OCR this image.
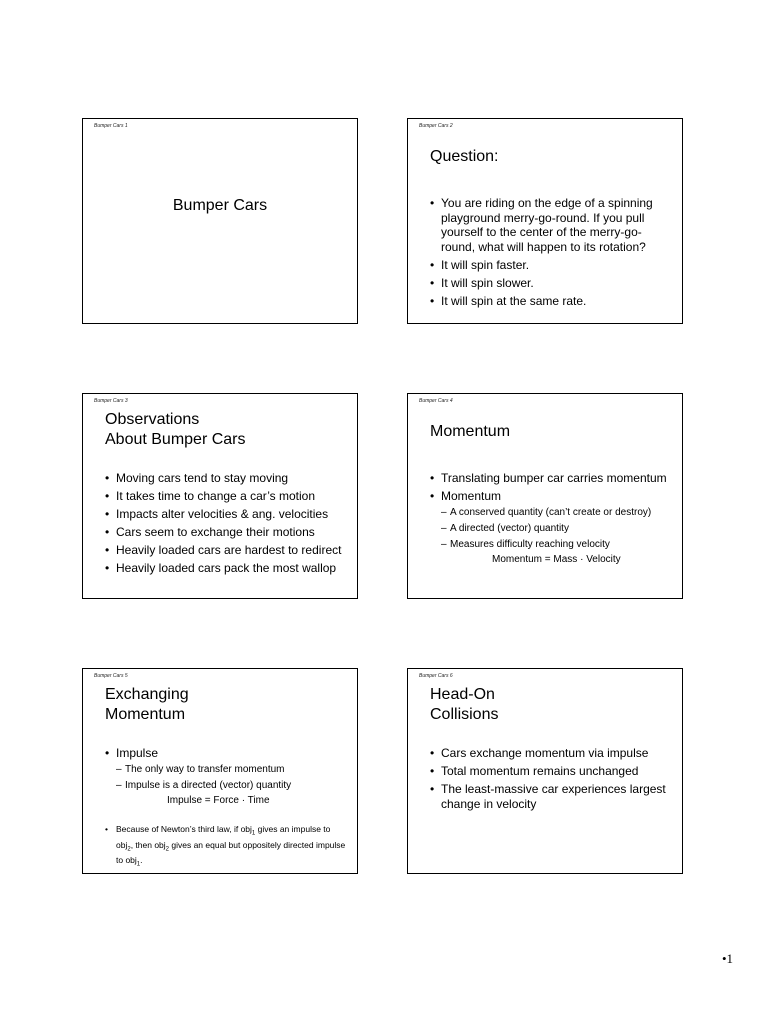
Bumper Cars 1
Bumper Cars
Bumper Cars 2
Question:
• You are riding on the edge of a spinning playground merry-go-round. If you pull yourself to the center of the merry-go-round, what will happen to its rotation?
• It will spin faster.
• It will spin slower.
• It will spin at the same rate.
Bumper Cars 3
Observations
About Bumper Cars
• Moving cars tend to stay moving
• It takes time to change a car’s motion
• Impacts alter velocities & ang. velocities
• Cars seem to exchange their motions
• Heavily loaded cars are hardest to redirect
• Heavily loaded cars pack the most wallop
Bumper Cars 4
Momentum
• Translating bumper car carries momentum
• Momentum
– A conserved quantity (can’t create or destroy)
– A directed (vector) quantity
– Measures difficulty reaching velocity
Momentum = Mass · Velocity
Bumper Cars 5
Exchanging
Momentum
• Impulse
– The only way to transfer momentum
– Impulse is a directed (vector) quantity
Impulse = Force · Time
• Because of Newton’s third law, if obj$_1$ gives an impulse to obj$_2$, then obj$_2$ gives an equal but oppositely directed impulse to obj$_1$.
Bumper Cars 6
Head-On
Collisions
• Cars exchange momentum via impulse
• Total momentum remains unchanged
• The least-massive car experiences largest change in velocity
•1
